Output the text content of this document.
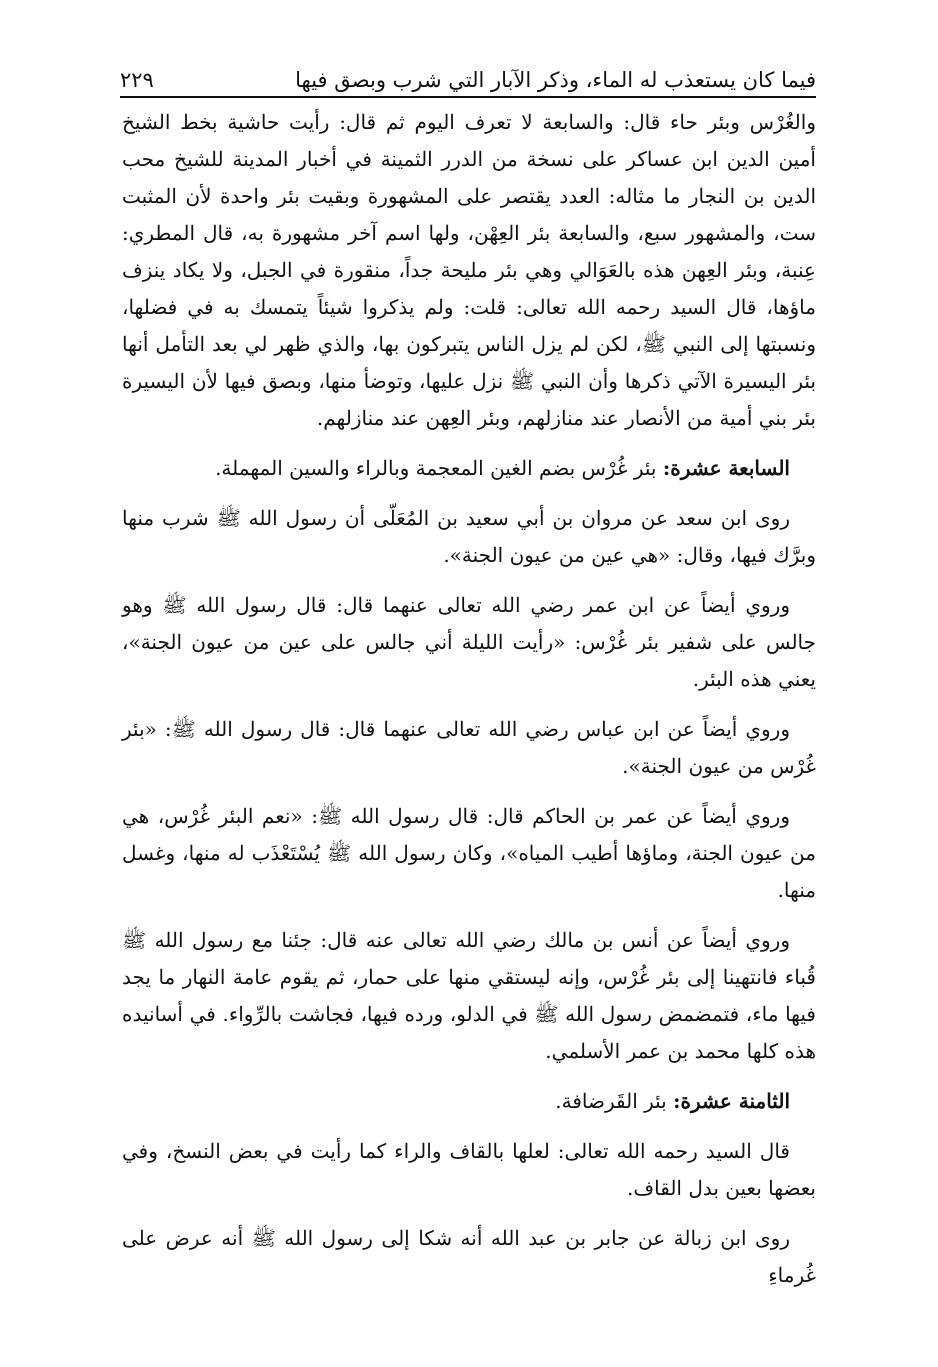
فيما كان يستعذب له الماء، وذكر الآبار التي شرب وبصق فيها
٢٢٩

والغُرْس وبئر حاء قال: والسابعة لا تعرف اليوم ثم قال: رأيت حاشية بخط الشيخ أمين الدين ابن عساكر على نسخة من الدرر الثمينة في أخبار المدينة للشيخ محب الدين بن النجار ما مثاله: العدد يقتصر على المشهورة وبقيت بئر واحدة لأن المثبت ست، والمشهور سبع، والسابعة بئر العِهْن، ولها اسم آخر مشهورة به، قال المطري: عِنبة، وبئر العِهن هذه بالعَوَالي وهي بئر مليحة جداً، منقورة في الجبل، ولا يكاد ينزف ماؤها، قال السيد رحمه الله تعالى: قلت: ولم يذكروا شيئاً يتمسك به في فضلها، ونسبتها إلى النبي ﷺ، لكن لم يزل الناس يتبركون بها، والذي ظهر لي بعد التأمل أنها بئر اليسيرة الآتي ذكرها وأن النبي ﷺ نزل عليها، وتوضأ منها، وبصق فيها لأن اليسيرة بئر بني أمية من الأنصار عند منازلهم، وبئر العِهن عند منازلهم.

السابعة عشرة: بئر غُرْس بضم الغين المعجمة وبالراء والسين المهملة.

روى ابن سعد عن مروان بن أبي سعيد بن المُعَلّى أن رسول الله ﷺ شرب منها وبرَّك فيها، وقال: «هي عين من عيون الجنة».

وروي أيضاً عن ابن عمر رضي الله تعالى عنهما قال: قال رسول الله ﷺ وهو جالس على شفير بئر غُرْس: «رأيت الليلة أني جالس على عين من عيون الجنة»، يعني هذه البئر.

وروي أيضاً عن ابن عباس رضي الله تعالى عنهما قال: قال رسول الله ﷺ: «بئر غُرْس من عيون الجنة».

وروي أيضاً عن عمر بن الحاكم قال: قال رسول الله ﷺ: «نعم البئر غُرْس، هي من عيون الجنة، وماؤها أطيب المياه»، وكان رسول الله ﷺ يُسْتَعْذَب له منها، وغسل منها.

وروي أيضاً عن أنس بن مالك رضي الله تعالى عنه قال: جئنا مع رسول الله ﷺ قُباء فانتهينا إلى بئر غُرْس، وإنه ليستقي منها على حمار، ثم يقوم عامة النهار ما يجد فيها ماء، فتمضمض رسول الله ﷺ في الدلو، ورده فيها، فجاشت بالرِّواء. في أسانيده هذه كلها محمد بن عمر الأسلمي.

الثامنة عشرة: بئر القَرضافة.

قال السيد رحمه الله تعالى: لعلها بالقاف والراء كما رأيت في بعض النسخ، وفي بعضها بعين بدل القاف.

روى ابن زبالة عن جابر بن عبد الله أنه شكا إلى رسول الله ﷺ أنه عرض على غُرماءِ
